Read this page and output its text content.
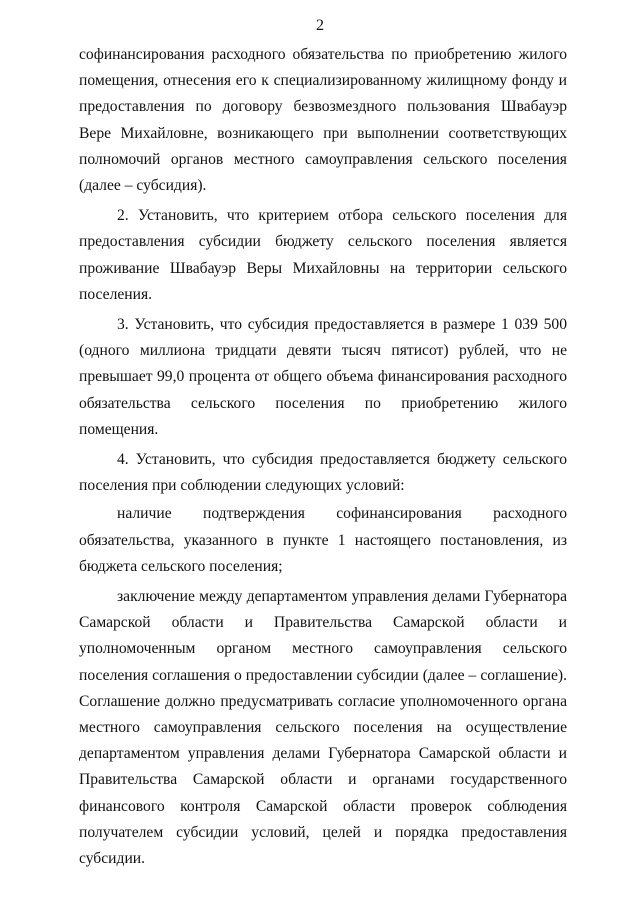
2

софинансирования расходного обязательства по приобретению жилого помещения, отнесения его к специализированному жилищному фонду и предоставления по договору безвозмездного пользования Швабауэр Вере Михайловне, возникающего при выполнении соответствующих полномочий органов местного самоуправления сельского поселения (далее – субсидия).

2. Установить, что критерием отбора сельского поселения для предоставления субсидии бюджету сельского поселения является проживание Швабауэр Веры Михайловны на территории сельского поселения.

3. Установить, что субсидия предоставляется в размере 1 039 500 (одного миллиона тридцати девяти тысяч пятисот) рублей, что не превышает 99,0 процента от общего объема финансирования расходного обязательства сельского поселения по приобретению жилого помещения.

4. Установить, что субсидия предоставляется бюджету сельского поселения при соблюдении следующих условий:

наличие подтверждения софинансирования расходного обязательства, указанного в пункте 1 настоящего постановления, из бюджета сельского поселения;

заключение между департаментом управления делами Губернатора Самарской области и Правительства Самарской области и уполномоченным органом местного самоуправления сельского поселения соглашения о предоставлении субсидии (далее – соглашение). Соглашение должно предусматривать согласие уполномоченного органа местного самоуправления сельского поселения на осуществление департаментом управления делами Губернатора Самарской области и Правительства Самарской области и органами государственного финансового контроля Самарской области проверок соблюдения получателем субсидии условий, целей и порядка предоставления субсидии.
